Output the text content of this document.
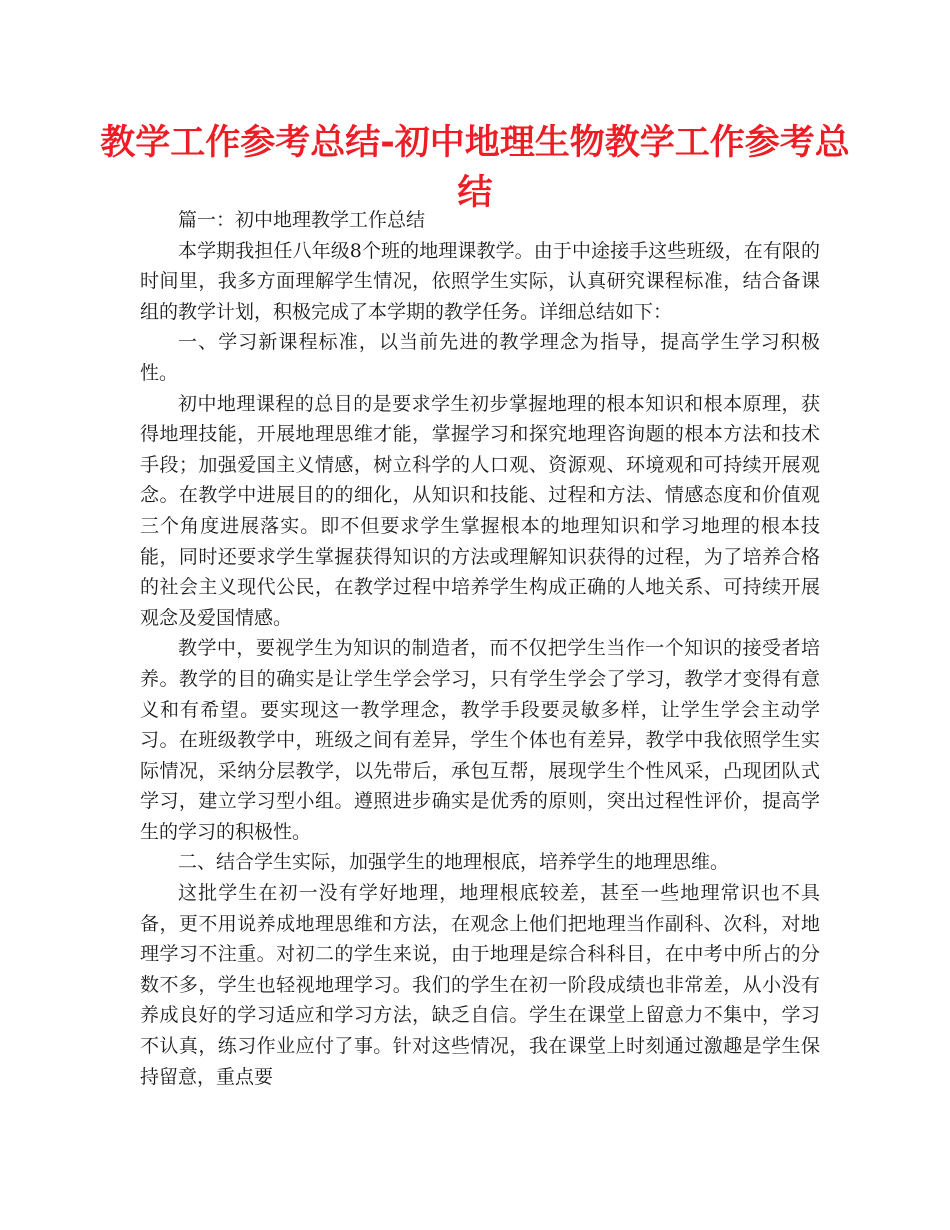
教学工作参考总结-初中地理生物教学工作参考总结

篇一：初中地理教学工作总结

本学期我担任八年级8个班的地理课教学。由于中途接手这些班级，在有限的时间里，我多方面理解学生情况，依照学生实际，认真研究课程标准，结合备课组的教学计划，积极完成了本学期的教学任务。详细总结如下：

一、学习新课程标准，以当前先进的教学理念为指导，提高学生学习积极性。

初中地理课程的总目的是要求学生初步掌握地理的根本知识和根本原理，获得地理技能，开展地理思维才能，掌握学习和探究地理咨询题的根本方法和技术手段；加强爱国主义情感，树立科学的人口观、资源观、环境观和可持续开展观念。在教学中进展目的的细化，从知识和技能、过程和方法、情感态度和价值观三个角度进展落实。即不但要求学生掌握根本的地理知识和学习地理的根本技能，同时还要求学生掌握获得知识的方法或理解知识获得的过程，为了培养合格的社会主义现代公民，在教学过程中培养学生构成正确的人地关系、可持续开展观念及爱国情感。

教学中，要视学生为知识的制造者，而不仅把学生当作一个知识的接受者培养。教学的目的确实是让学生学会学习，只有学生学会了学习，教学才变得有意义和有希望。要实现这一教学理念，教学手段要灵敏多样，让学生学会主动学习。在班级教学中，班级之间有差异，学生个体也有差异，教学中我依照学生实际情况，采纳分层教学，以先带后，承包互帮，展现学生个性风采，凸现团队式学习，建立学习型小组。遵照进步确实是优秀的原则，突出过程性评价，提高学生的学习的积极性。

二、结合学生实际，加强学生的地理根底，培养学生的地理思维。

这批学生在初一没有学好地理，地理根底较差，甚至一些地理常识也不具备，更不用说养成地理思维和方法，在观念上他们把地理当作副科、次科，对地理学习不注重。对初二的学生来说，由于地理是综合科科目，在中考中所占的分数不多，学生也轻视地理学习。我们的学生在初一阶段成绩也非常差，从小没有养成良好的学习适应和学习方法，缺乏自信。学生在课堂上留意力不集中，学习不认真，练习作业应付了事。针对这些情况，我在课堂上时刻通过激趣是学生保持留意，重点要
